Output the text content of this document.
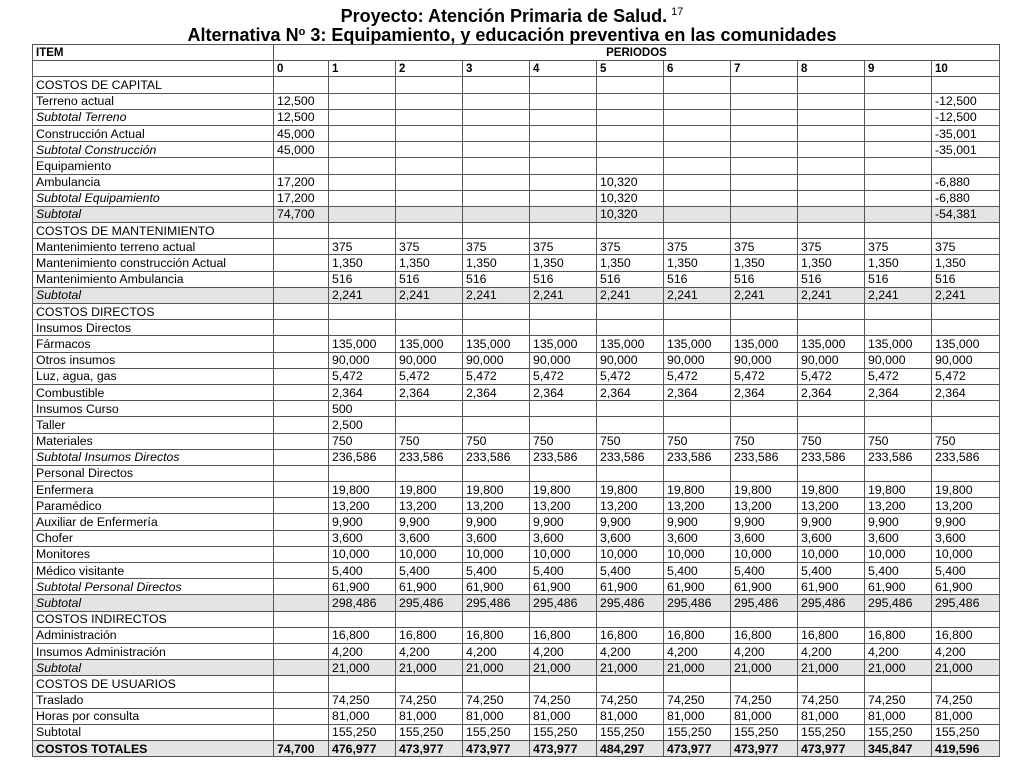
Proyecto: Atención Primaria de Salud. $^{17}$
Alternativa $N^o$ 3: Equipamiento, y educación preventiva en las comunidades
ITEM	PERIODOS										
	0	1	2	3	4	5	6	7	8	9	10
COSTOS DE CAPITAL											
Terreno actual	12,500										-12,500
Subtotal Terreno	12,500										-12,500
Construcción Actual	45,000										-35,001
Subtotal Construcción	45,000										-35,001
Equipamiento											
Ambulancia	17,200					10,320					-6,880
Subtotal Equipamiento	17,200					10,320					-6,880
Subtotal	74,700					10,320					-54,381
COSTOS DE MANTENIMIENTO											
Mantenimiento terreno actual		375	375	375	375	375	375	375	375	375	375
Mantenimiento construcción Actual		1,350	1,350	1,350	1,350	1,350	1,350	1,350	1,350	1,350	1,350
Mantenimiento Ambulancia		516	516	516	516	516	516	516	516	516	516
Subtotal		2,241	2,241	2,241	2,241	2,241	2,241	2,241	2,241	2,241	2,241
COSTOS DIRECTOS											
Insumos Directos											
Fármacos		135,000	135,000	135,000	135,000	135,000	135,000	135,000	135,000	135,000	135,000
Otros insumos		90,000	90,000	90,000	90,000	90,000	90,000	90,000	90,000	90,000	90,000
Luz, agua, gas		5,472	5,472	5,472	5,472	5,472	5,472	5,472	5,472	5,472	5,472
Combustible		2,364	2,364	2,364	2,364	2,364	2,364	2,364	2,364	2,364	2,364
Insumos Curso		500									
Taller		2,500									
Materiales		750	750	750	750	750	750	750	750	750	750
Subtotal Insumos Directos		236,586	233,586	233,586	233,586	233,586	233,586	233,586	233,586	233,586	233,586
Personal Directos											
Enfermera		19,800	19,800	19,800	19,800	19,800	19,800	19,800	19,800	19,800	19,800
Paramédico		13,200	13,200	13,200	13,200	13,200	13,200	13,200	13,200	13,200	13,200
Auxiliar de Enfermería		9,900	9,900	9,900	9,900	9,900	9,900	9,900	9,900	9,900	9,900
Chofer		3,600	3,600	3,600	3,600	3,600	3,600	3,600	3,600	3,600	3,600
Monitores		10,000	10,000	10,000	10,000	10,000	10,000	10,000	10,000	10,000	10,000
Médico visitante		5,400	5,400	5,400	5,400	5,400	5,400	5,400	5,400	5,400	5,400
Subtotal Personal Directos		61,900	61,900	61,900	61,900	61,900	61,900	61,900	61,900	61,900	61,900
Subtotal		298,486	295,486	295,486	295,486	295,486	295,486	295,486	295,486	295,486	295,486
COSTOS INDIRECTOS											
Administración		16,800	16,800	16,800	16,800	16,800	16,800	16,800	16,800	16,800	16,800
Insumos Administración		4,200	4,200	4,200	4,200	4,200	4,200	4,200	4,200	4,200	4,200
Subtotal		21,000	21,000	21,000	21,000	21,000	21,000	21,000	21,000	21,000	21,000
COSTOS DE USUARIOS											
Traslado		74,250	74,250	74,250	74,250	74,250	74,250	74,250	74,250	74,250	74,250
Horas por consulta		81,000	81,000	81,000	81,000	81,000	81,000	81,000	81,000	81,000	81,000
Subtotal		155,250	155,250	155,250	155,250	155,250	155,250	155,250	155,250	155,250	155,250
COSTOS TOTALES	74,700	476,977	473,977	473,977	473,977	484,297	473,977	473,977	473,977	345,847	419,596
